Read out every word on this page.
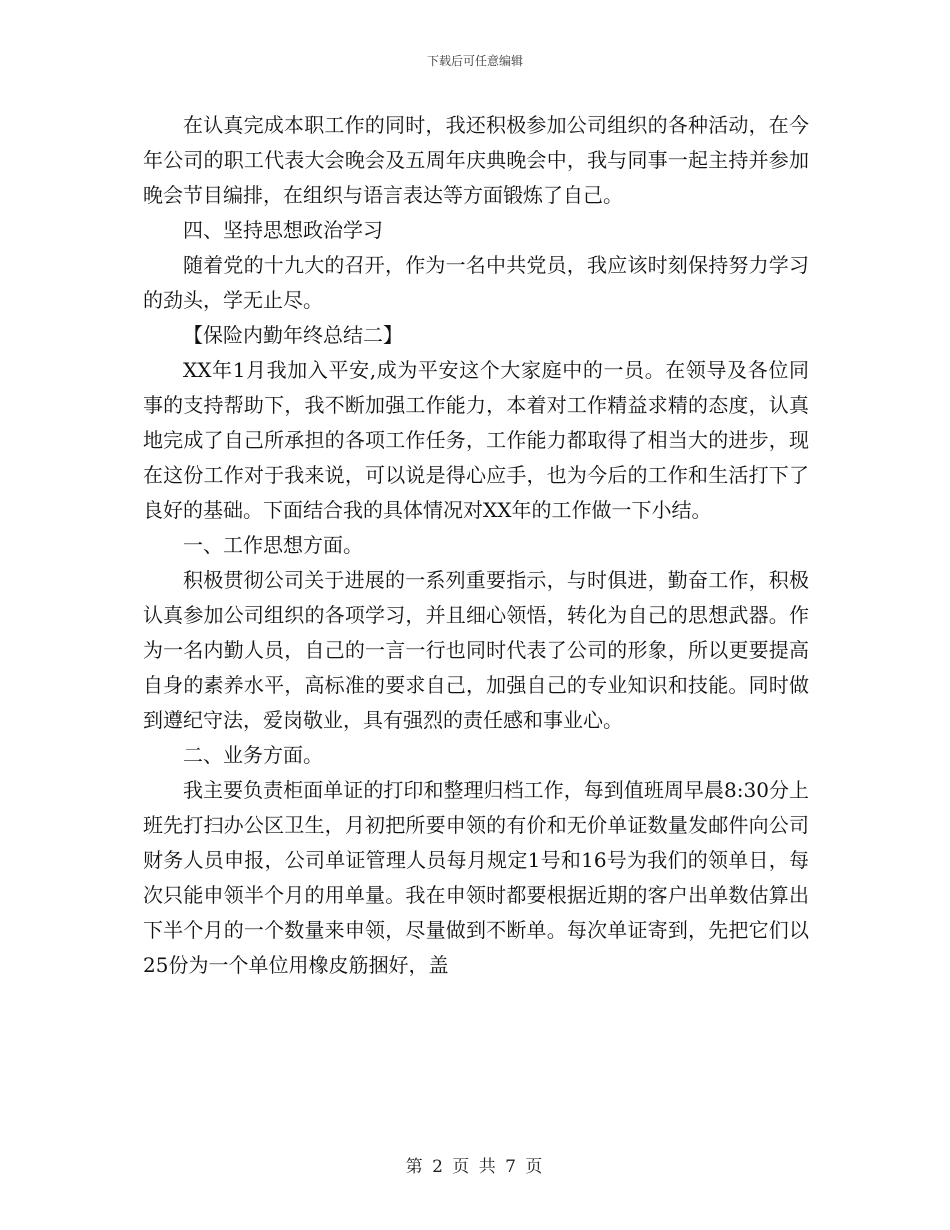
下载后可任意编辑

在认真完成本职工作的同时，我还积极参加公司组织的各种活动，在今年公司的职工代表大会晚会及五周年庆典晚会中，我与同事一起主持并参加晚会节目编排，在组织与语言表达等方面锻炼了自己。

四、坚持思想政治学习

随着党的十九大的召开，作为一名中共党员，我应该时刻保持努力学习的劲头，学无止尽。

【保险内勤年终总结二】

XX年1月我加入平安,成为平安这个大家庭中的一员。在领导及各位同事的支持帮助下，我不断加强工作能力，本着对工作精益求精的态度，认真地完成了自己所承担的各项工作任务，工作能力都取得了相当大的进步，现在这份工作对于我来说，可以说是得心应手，也为今后的工作和生活打下了良好的基础。下面结合我的具体情况对XX年的工作做一下小结。

一、工作思想方面。

积极贯彻公司关于进展的一系列重要指示，与时俱进，勤奋工作，积极认真参加公司组织的各项学习，并且细心领悟，转化为自己的思想武器。作为一名内勤人员，自己的一言一行也同时代表了公司的形象，所以更要提高自身的素养水平，高标准的要求自己，加强自己的专业知识和技能。同时做到遵纪守法，爱岗敬业，具有强烈的责任感和事业心。

二、业务方面。

我主要负责柜面单证的打印和整理归档工作，每到值班周早晨8:30分上班先打扫办公区卫生，月初把所要申领的有价和无价单证数量发邮件向公司财务人员申报，公司单证管理人员每月规定1号和16号为我们的领单日，每次只能申领半个月的用单量。我在申领时都要根据近期的客户出单数估算出下半个月的一个数量来申领，尽量做到不断单。每次单证寄到，先把它们以25份为一个单位用橡皮筋捆好，盖

第 2 页 共 7 页
